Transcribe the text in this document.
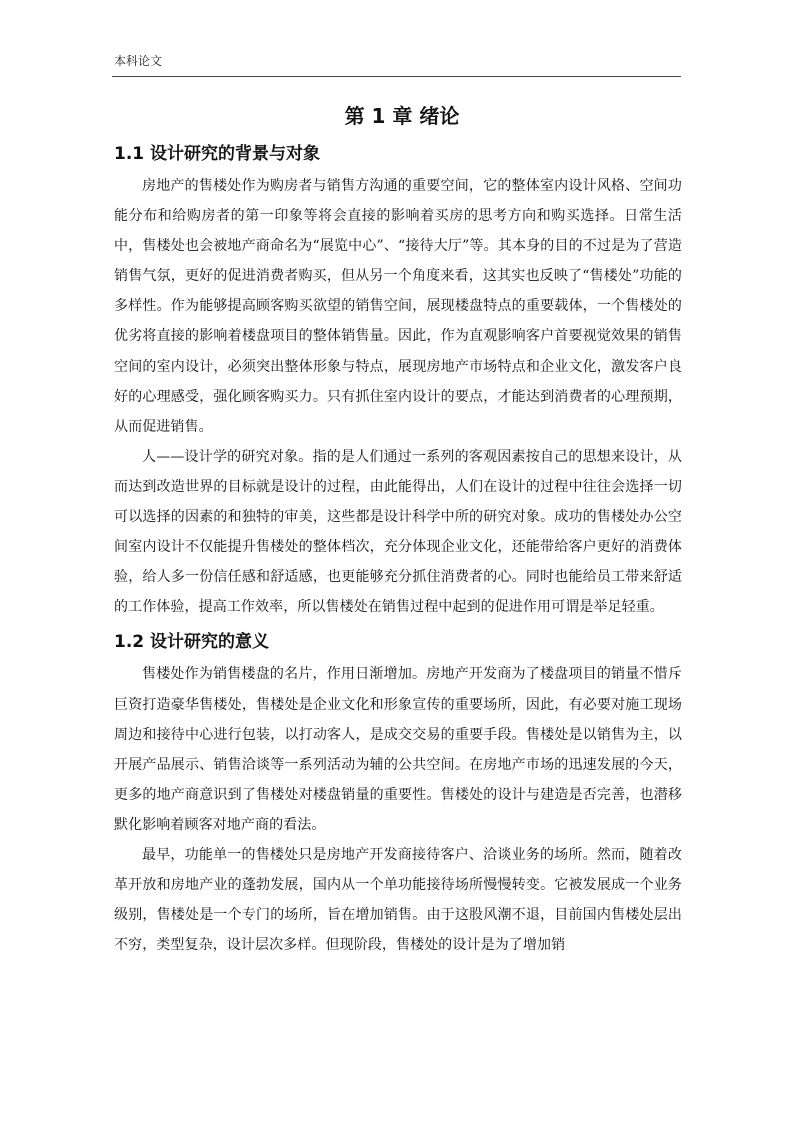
本科论文
第 1 章 绪论
1.1 设计研究的背景与对象

房地产的售楼处作为购房者与销售方沟通的重要空间，它的整体室内设计风格、空间功能分布和给购房者的第一印象等将会直接的影响着买房的思考方向和购买选择。日常生活中，售楼处也会被地产商命名为“展览中心”、“接待大厅”等。其本身的目的不过是为了营造销售气氛，更好的促进消费者购买，但从另一个角度来看，这其实也反映了“售楼处”功能的多样性。作为能够提高顾客购买欲望的销售空间，展现楼盘特点的重要载体，一个售楼处的优劣将直接的影响着楼盘项目的整体销售量。因此，作为直观影响客户首要视觉效果的销售空间的室内设计，必须突出整体形象与特点，展现房地产市场特点和企业文化，激发客户良好的心理感受，强化顾客购买力。只有抓住室内设计的要点，才能达到消费者的心理预期，从而促进销售。

人——设计学的研究对象。指的是人们通过一系列的客观因素按自己的思想来设计，从而达到改造世界的目标就是设计的过程，由此能得出，人们在设计的过程中往往会选择一切可以选择的因素的和独特的审美，这些都是设计科学中所的研究对象。成功的售楼处办公空间室内设计不仅能提升售楼处的整体档次，充分体现企业文化，还能带给客户更好的消费体验，给人多一份信任感和舒适感，也更能够充分抓住消费者的心。同时也能给员工带来舒适的工作体验，提高工作效率，所以售楼处在销售过程中起到的促进作用可谓是举足轻重。

1.2 设计研究的意义

售楼处作为销售楼盘的名片，作用日渐增加。房地产开发商为了楼盘项目的销量不惜斥巨资打造豪华售楼处，售楼处是企业文化和形象宣传的重要场所，因此，有必要对施工现场周边和接待中心进行包装，以打动客人，是成交交易的重要手段。售楼处是以销售为主，以开展产品展示、销售洽谈等一系列活动为辅的公共空间。在房地产市场的迅速发展的今天，更多的地产商意识到了售楼处对楼盘销量的重要性。售楼处的设计与建造是否完善，也潜移默化影响着顾客对地产商的看法。

最早，功能单一的售楼处只是房地产开发商接待客户、洽谈业务的场所。然而，随着改革开放和房地产业的蓬勃发展，国内从一个单功能接待场所慢慢转变。它被发展成一个业务级别，售楼处是一个专门的场所，旨在增加销售。由于这股风潮不退，目前国内售楼处层出不穷，类型复杂，设计层次多样。但现阶段，售楼处的设计是为了增加销
